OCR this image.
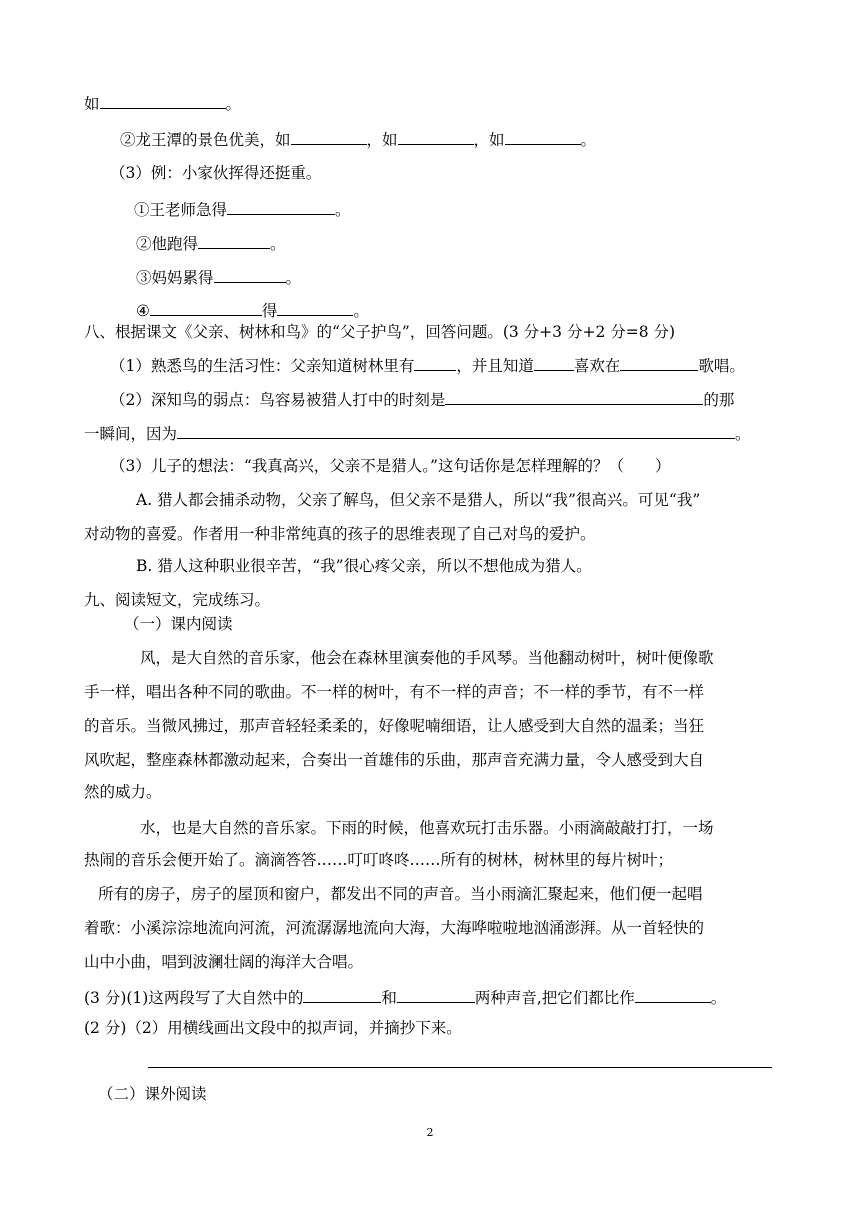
如	。
②龙王潭的景色优美，如	，如	，如	。
（3）例：小家伙挥得还挺重。
①王老师急得	。
②他跑得	。
③妈妈累得	。
④	得	。
八、根据课文《父亲、树林和鸟》的“父子护鸟”，回答问题。(3 分+3 分+2 分=8 分)
（1）熟悉鸟的生活习性：父亲知道树林里有	，并且知道	喜欢在	歌唱。
（2）深知鸟的弱点：鸟容易被猎人打中的时刻是	的那
一瞬间，因为	。
（3）儿子的想法：“我真高兴，父亲不是猎人。”这句话你是怎样理解的？（　　）
A. 猎人都会捕杀动物，父亲了解鸟，但父亲不是猎人，所以“我”很高兴。可见“我”
对动物的喜爱。作者用一种非常纯真的孩子的思维表现了自己对鸟的爱护。
B. 猎人这种职业很辛苦，“我”很心疼父亲，所以不想他成为猎人。
九、阅读短文，完成练习。
（一）课内阅读
风，是大自然的音乐家，他会在森林里演奏他的手风琴。当他翻动树叶，树叶便像歌
手一样，唱出各种不同的歌曲。不一样的树叶，有不一样的声音；不一样的季节，有不一样
的音乐。当微风拂过，那声音轻轻柔柔的，好像呢喃细语，让人感受到大自然的温柔；当狂
风吹起，整座森林都激动起来，合奏出一首雄伟的乐曲，那声音充满力量，令人感受到大自
然的威力。
水，也是大自然的音乐家。下雨的时候，他喜欢玩打击乐器。小雨滴敲敲打打，一场
热闹的音乐会便开始了。滴滴答答……叮叮咚咚……所有的树林，树林里的每片树叶；
所有的房子，房子的屋顶和窗户，都发出不同的声音。当小雨滴汇聚起来，他们便一起唱
着歌：小溪淙淙地流向河流，河流潺潺地流向大海，大海哗啦啦地汹涌澎湃。从一首轻快的
山中小曲，唱到波澜壮阔的海洋大合唱。
(3 分)(1)这两段写了大自然中的	和	两种声音,把它们都比作	。
(2 分)（2）用横线画出文段中的拟声词，并摘抄下来。
（二）课外阅读
2
